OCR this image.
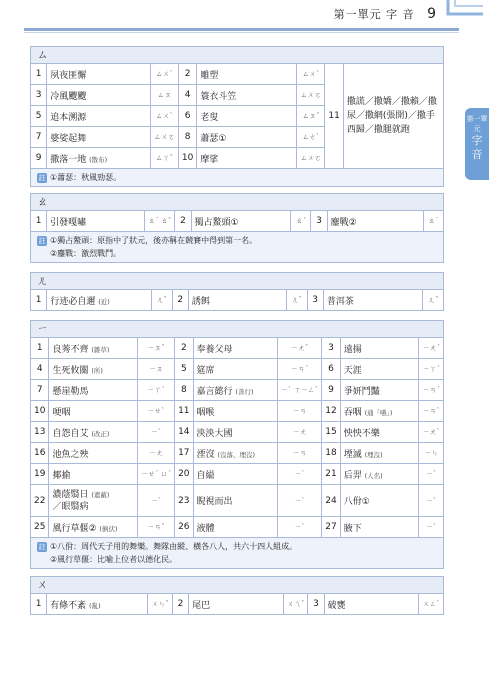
第一單元 字 音 9
第一單元
字
音
ㄙ
1	夙夜匪懈	ㄙㄨˋ	2	雕塑	ㄙㄨˋ	11	撒謊／撒嬌／撒賴／撒尿／撒網(張開)／撒手西歸／撒腿就跑
3	冷風颼颼	ㄙㄡ	4	簑衣斗笠	ㄙㄨㄛ		
5	追本溯源	ㄙㄨˋ	6	老叟	ㄙㄡˇ		
7	婆娑起舞	ㄙㄨㄛ	8	蕭瑟①	ㄙㄜˋ		
9	撒落一地 (散布)	ㄙㄚˇ	10	摩挲	ㄙㄨㄛ		
註 ①蕭瑟：秋風勁瑟。
ㄠ
1	引發嘎嘯	ㄠˊ ㄠˇ	2	獨占鰲頭①	ㄠˊ	3	鏖戰②	ㄠˊ
註 ①獨占鰲頭：原指中了狀元，後亦稱在競賽中得到第一名。
②鏖戰：激烈戰鬥。
ㄦ
1	行迹必自邇 (近)	ㄦˇ	2	誘餌	ㄦˇ	3	普洱茶	ㄦˇ
ㄧ
1	良莠不齊 (雜草)	ㄧㄡˇ	2	奉養父母	ㄧㄤˇ	3	遠揚	ㄧㄤˊ
4	生死攸關 (所)	ㄧㄡ	5	筵席	ㄧㄢˊ	6	天涯	ㄧㄚˊ
7	懸崖勒馬	ㄧㄚˊ	8	嘉言懿行 (善行)	ㄧˋ ㄒㄧㄥˋ	9	爭妍鬥豔	ㄧㄢˊ
10	哽咽	ㄧㄝˋ	11	咽喉	ㄧㄢ	12	吞咽 (通「嚥」)	ㄧㄢˋ
13	自怨自艾 (改正)	ㄧˋ	14	泱泱大國	ㄧㄤ	15	怏怏不樂	ㄧㄤˋ
16	池魚之殃	ㄧㄤ	17	湮沒 (沒落、埋沒)	ㄧㄢ	18	堙滅 (埋沒)	ㄧㄣ
19	揶揄	ㄧㄝˊ ㄩˊ	20	自縊	ㄧˋ	21	后羿 (人名)	ㄧˋ
22	濃蔭翳日 (遮蔽)
／眼翳病	ㄧˋ	23	睨視而出	ㄧˋ	24	八佾①	ㄧˋ
25	風行草偃② (倒伏)	ㄧㄢˇ	26	液體	ㄧˋ	27	腋下	ㄧˋ
註 ①八佾：周代天子用的舞樂。舞隊由縱、橫各八人，共六十四人組成。
②風行草偃：比喻上位者以德化民。
ㄨ
1	有條不紊 (亂)	ㄨㄣˇ	2	尾巴	ㄨㄟˇ	3	破甕	ㄨㄥˋ
